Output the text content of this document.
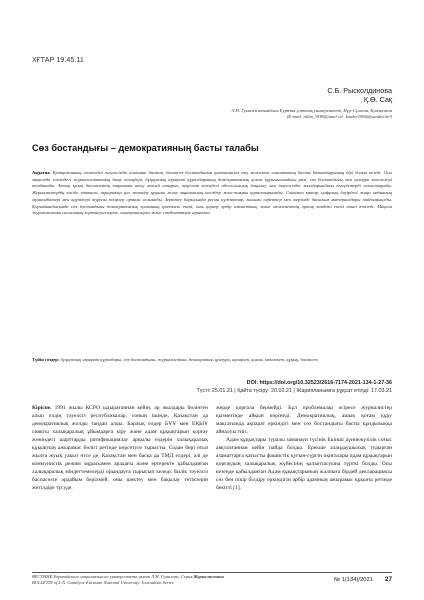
ХҒТАР 19.45.11
С.Б. Рысколдинова
Қ.Ө. Сақ
Л.Н. Гумилев атындағы Еуразия ұлттық университеті, Нұр-Сұлтан, Қазақстан
(E-mail: aliba_9189@mail.ru¹, kaukei1966@yandex.kz²)
Сөз бостандығы – демократияның басты талабы
Аңдатпа. Қазақстанның егемендігі тәуелсіздік алғаннан бастап, баспасөз бостандығын қамтамасыз ету мемлекет саясатының басты бағыттарының бірі болып келеді. Осы мақалада еліміздегі журналистиканың даму кезеңдері, бұқаралық ақпарат құралдарының демократиялық қоғам құрылысындағы рөлі, сөз бостандығы мен цензура мәселелері талданады. Автор қазақ баспасөзінің тарихына шолу жасай отырып, кеңестік кезеңдегі идеологиялық бақылау мен тәуелсіздік жылдарындағы өзгерістерді салыстырады. Журналистердің кәсіби этикасы, ақпаратқа қол жеткізу құқығы және заңнамалық негіздер жан-жақты қарастырылады. Сонымен қатар, цифрлық дәуірдегі жаңа медианың мүмкіндіктері мен қауіптері туралы пікірлер ортаға салынады. Зерттеу барысында ресми құжаттар, ғылыми еңбектер мен мерзімді басылым материалдары пайдаланылды. Қорытындысында сөз бостандығы демократиялық қоғамның іргетасы екені, оны қорғау әрбір азаматтың және мемлекеттің ортақ міндеті екені атап өтіледі. Мақала журналистика саласының зерттеушілеріне, оқытушыларға және студенттерге арналған.
Түйін сөздер: бұқаралық ақпарат құралдары, сөз бостандығы, журналистика, демократия, цензура, ақпарат, қоғам, мемлекет, құқық, баспасөз.
DOI: https://doi.org/10.32523/2616-7174-2021-134-1-27-36
Түсті: 25.01.21 | Қайта түсіру: 20.02.21 | Жарияланымға рұқсат етілді: 17.03.21

Кіріспе. 1991 жылы КСРО ыдырағаннан кейін, әр жылдары бөлінген алып елдің тәуелсіз республикалар, соның ішінде, Қазақстан да демократиялық жолды таңдап алды. Барлық елдер БҰҰ мен ЕҚЫҰ сияқты халықаралық ұйымдарға кіру және адам құқықтарын қорғау жөніндегі шарттарды ратификациялау арқылы өздерін халықаралық құқықтың ажырамас бөлігі ретінде көрсетуге тырысты. Содан бері отыз жылға жуық уақыт өтсе де, Қазақстан мен басқа да ТМД елдері, әлі де коммунистік режим мұрасымен арадағы және ертеректе қабылданған халықаралық міндеттемелерді орындауға тырысып келеді. Билік тәуелсіз баспасөзге әрдайым берілмей, оны шектеу мен бақылау тетіктерін жетілдіре түсуде.

жерде қорғала бермейді. Бұл проблемалар әсіресе журналистер қызметінде айқын көрінеді. Демократиялық, ашық қоғам құру мақсатында ақпарат еркіндігі мен сөз бостандығы басты құндылыққа айналуы тиіс.

Адам құқықтары туралы заманауи түсінік Екінші дүниежүзілік соғыс аяқталғаннан кейін пайда болды. Ерекше алаңдаушылық тудырған азаматтарға қатысты фашистік қуғын-сүргін оқиғалары адам құқықтарын қорғаудың халықаралық жүйесінің қалыптасуына түрткі болды. Осы кезеңде қабылданған Адам құқықтарының жалпыға бірдей декларациясы сөз бен пікір білдіру еркіндігін әрбір адамның ажырамас құқығы ретінде бекітті [1].

ВЕСТНИК Евразийского национального университета имени Л.Н. Гумилева. Серия Журналистика
BULLETIN of L.N. Gumilyov Eurasian National University. Journalism Series	№ 1(134)/2021 27
